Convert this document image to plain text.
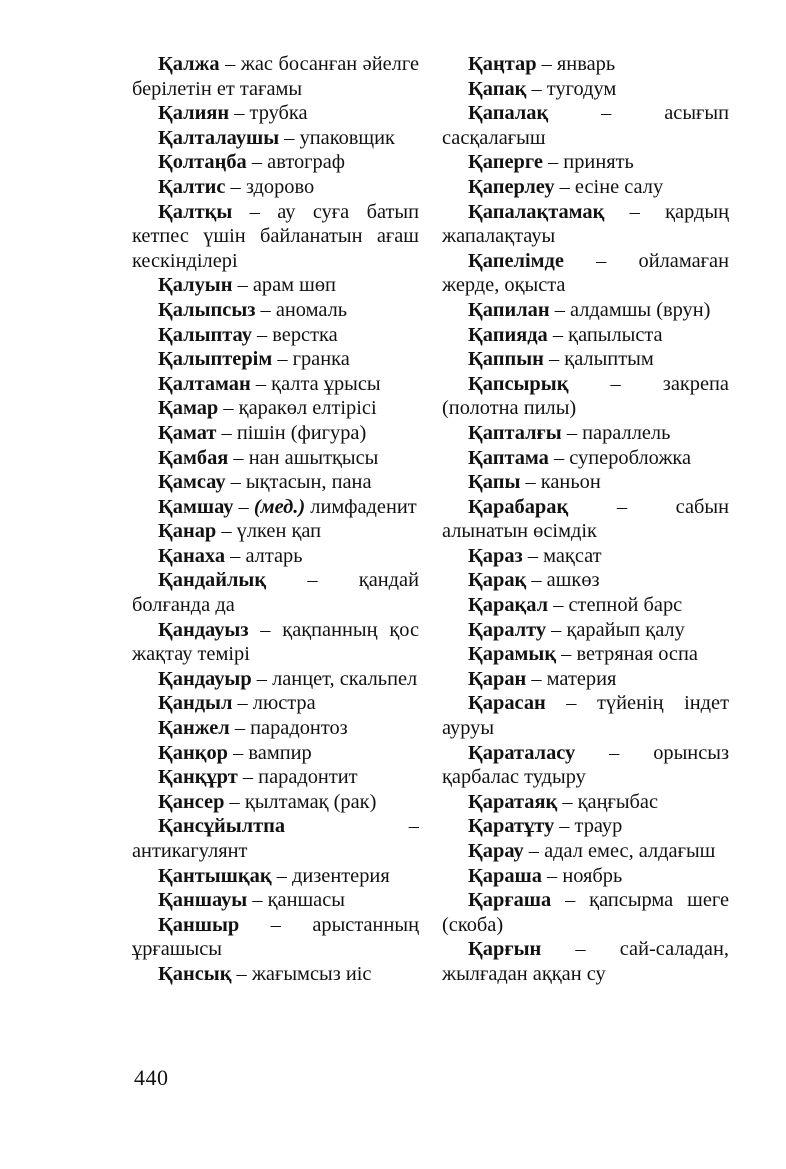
Қалжа – жас босанған әйелге берілетін ет тағамы

Қалиян – трубка

Қалталаушы – упаковщик

Қолтаңба – автограф

Қалтис – здорово

Қалтқы – ау суға батып кетпес үшін байланатын ағаш кескінділері

Қалуын – арам шөп

Қалыпсыз – аномаль

Қалыптау – верстка

Қалыптерім – гранка

Қалтаман – қалта ұрысы

Қамар – қаракөл елтірісі

Қамат – пішін (фигура)

Қамбая – нан ашытқысы

Қамсау – ықтасын, пана

Қамшау – (мед.) лимфаденит

Қанар – үлкен қап

Қанаха – алтарь

Қандайлық – қандай болғанда да

Қандауыз – қақпанның қос жақтау темірі

Қандауыр – ланцет, скальпел

Қандыл – люстра

Қанжел – парадонтоз

Қанқор – вампир

Қанқұрт – парадонтит

Қансер – қылтамақ (рак)

Қансұйылтпа – антикагулянт

Қантышқақ – дизентерия

Қаншауы – қаншасы

Қаншыр – арыстанның ұрғашысы

Қансық – жағымсыз иіс

Қаңтар – январь

Қапақ – тугодум

Қапалақ – асығып сасқалағыш

Қаперге – принять

Қаперлеу – есіне салу

Қапалақтамақ – қардың жапалақтауы

Қапелімде – ойламаған жерде, оқыста

Қапилан – алдамшы (врун)

Қапияда – қапылыста

Қаппын – қалыптым

Қапсырық – закрепа (полотна пилы)

Қапталғы – параллель

Қаптама – суперобложка

Қапы – каньон

Қарабарақ – сабын алынатын өсімдік

Қараз – мақсат

Қарақ – ашкөз

Қарақал – степной барс

Қаралту – қарайып қалу

Қарамық – ветряная оспа

Қаран – материя

Қарасан – түйенің індет ауруы

Қараталасу – орынсыз қарбалас тудыру

Қаратаяқ – қаңғыбас

Қаратұту – траур

Қарау – адал емес, алдағыш

Қараша – ноябрь

Қарғаша – қапсырма шеге (скоба)

Қарғын – сай-саладан, жылғадан аққан су

440
